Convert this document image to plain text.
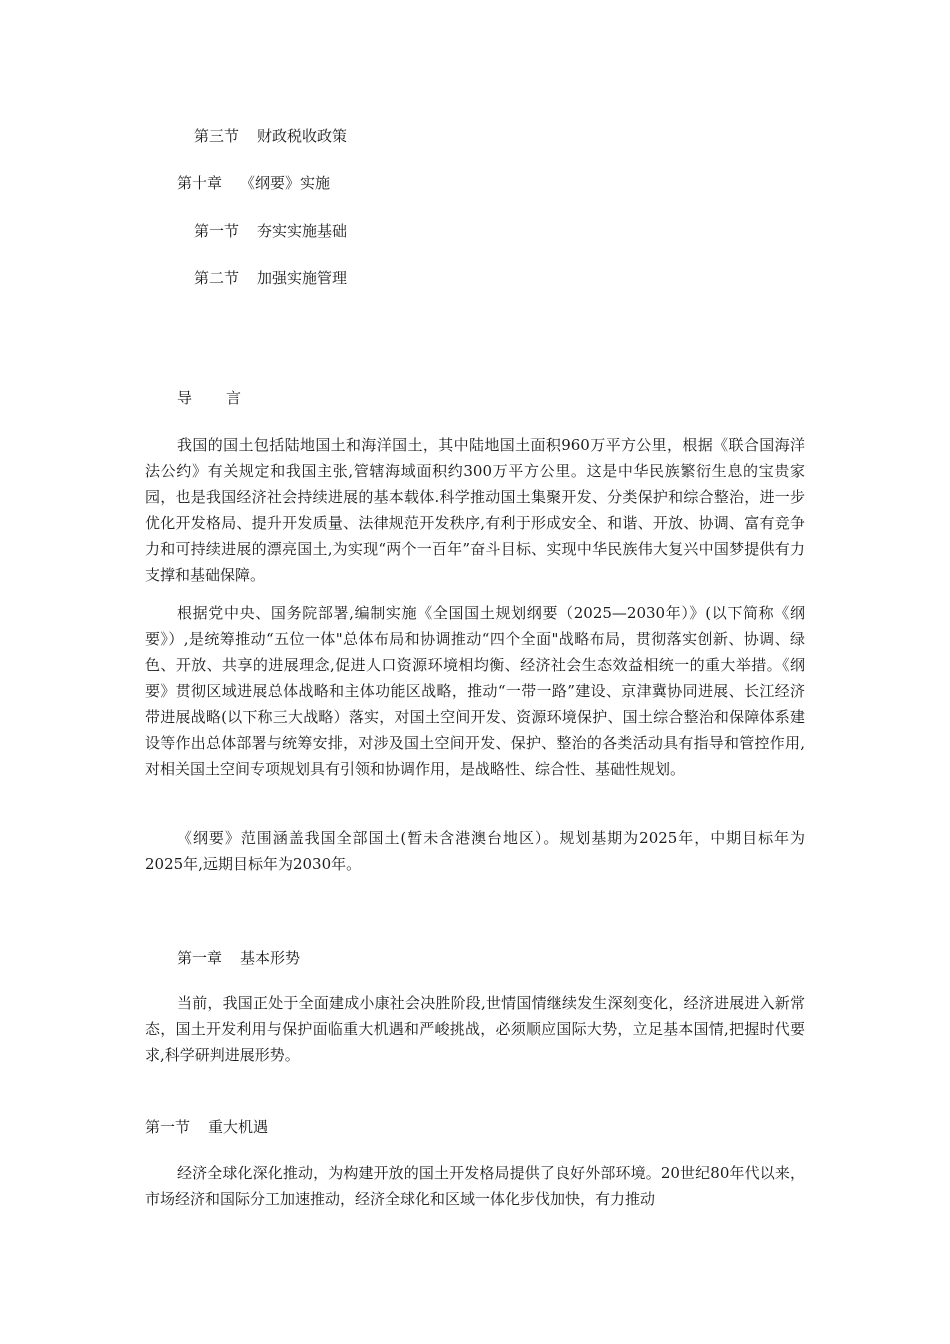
第三节 财政税收政策
第十章 《纲要》实施
第一节 夯实实施基础
第二节 加强实施管理
导 言

我国的国土包括陆地国土和海洋国土，其中陆地国土面积960万平方公里，根据《联合国海洋法公约》有关规定和我国主张,管辖海域面积约300万平方公里。这是中华民族繁衍生息的宝贵家园，也是我国经济社会持续进展的基本载体.科学推动国土集聚开发、分类保护和综合整治，进一步优化开发格局、提升开发质量、法律规范开发秩序,有利于形成安全、和谐、开放、协调、富有竞争力和可持续进展的漂亮国土,为实现“两个一百年”奋斗目标、实现中华民族伟大复兴中国梦提供有力支撑和基础保障。

根据党中央、国务院部署,编制实施《全国国土规划纲要（2025—2030年）》(以下简称《纲要》）,是统筹推动“五位一体"总体布局和协调推动“四个全面"战略布局，贯彻落实创新、协调、绿色、开放、共享的进展理念,促进人口资源环境相均衡、经济社会生态效益相统一的重大举措。《纲要》贯彻区域进展总体战略和主体功能区战略，推动“一带一路”建设、京津冀协同进展、长江经济带进展战略(以下称三大战略）落实，对国土空间开发、资源环境保护、国土综合整治和保障体系建设等作出总体部署与统筹安排，对涉及国土空间开发、保护、整治的各类活动具有指导和管控作用,对相关国土空间专项规划具有引领和协调作用，是战略性、综合性、基础性规划。

《纲要》范围涵盖我国全部国土(暂未含港澳台地区）。规划基期为2025年，中期目标年为2025年,远期目标年为2030年。

第一章 基本形势

当前，我国正处于全面建成小康社会决胜阶段,世情国情继续发生深刻变化，经济进展进入新常态，国土开发利用与保护面临重大机遇和严峻挑战，必须顺应国际大势，立足基本国情,把握时代要求,科学研判进展形势。

第一节 重大机遇

经济全球化深化推动，为构建开放的国土开发格局提供了良好外部环境。20世纪80年代以来，市场经济和国际分工加速推动，经济全球化和区域一体化步伐加快，有力推动
